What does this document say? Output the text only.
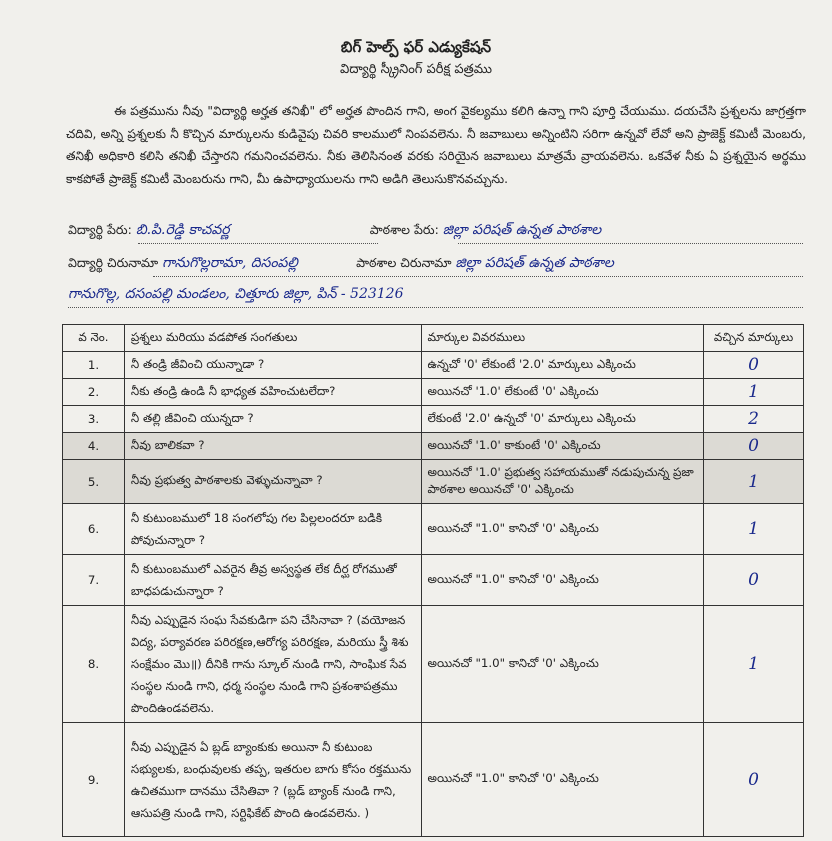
బిగ్ హెల్ప్ ఫర్ ఎడ్యుకేషన్
విద్యార్థి స్క్రీనింగ్ పరీక్ష పత్రము

ఈ పత్రమును నీవు "విద్యార్థి అర్హత తనిఖీ" లో అర్హత పొందిన గాని, అంగ వైకల్యము కలిగి ఉన్నా గాని పూర్తి చేయుము. దయచేసి ప్రశ్నలను జాగ్రత్తగా చదివి, అన్ని ప్రశ్నలకు నీ కొచ్చిన మార్కులను కుడివైపు చివరి కాలములో నింపవలెను. నీ జవాబులు అన్నింటిని సరిగా ఉన్నవో లేవో అని ప్రాజెక్ట్ కమిటీ మెంబరు, తనిఖీ అధికారి కలిసి తనిఖీ చేస్తారని గమనించవలెను. నీకు తెలిసినంత వరకు సరియైన జవాబులు మాత్రమే వ్రాయవలెను. ఒకవేళ నీకు ఏ ప్రశ్నయైన అర్థము కాకపోతే ప్రాజెక్ట్ కమిటీ మెంబరును గాని, మీ ఉపాధ్యాయులను గాని అడిగి తెలుసుకొనవచ్చును.

విద్యార్థి పేరు: బి.పి.రెడ్డి కాచవర్ణ	పాఠశాల పేరు: జిల్లా పరిషత్ ఉన్నత పాఠశాల
విద్యార్థి చిరునామా గానుగొల్లరామా, దిసంపల్లి	పాఠశాల చిరునామా జిల్లా పరిషత్ ఉన్నత పాఠశాల
గానుగొల్ల, దసంపల్లి మండలం, చిత్తూరు జిల్లా, పిన్ - 523126
వ నెం.	ప్రశ్నలు మరియు వడపోత సంగతులు	మార్కుల వివరములు	వచ్చిన మార్కులు
1.	నీ తండ్రి జీవించి యున్నాడా ?	ఉన్నచో '0' లేకుంటే '2.0' మార్కులు ఎక్కించు	0
2.	నీకు తండ్రి ఉండి నీ భాధ్యత వహించుటలేదా?	అయినచో '1.0' లేకుంటే '0' ఎక్కించు	1
3.	నీ తల్లి జీవించి యున్నదా ?	లేకుంటే '2.0' ఉన్నచో '0' మార్కులు ఎక్కించు	2
4.	నీవు బాలికవా ?	అయినచో '1.0' కాకుంటే '0' ఎక్కించు	0
5.	నీవు ప్రభుత్వ పాఠశాలకు వెళ్ళుచున్నావా ?	అయినచో '1.0' ప్రభుత్వ సహాయముతో నడుపుచున్న ప్రజా పాఠశాల అయినచో '0' ఎక్కించు	1
6.	నీ కుటుంబములో 18 సంగలోపు గల పిల్లలందరూ బడికి పోవుచున్నారా ?	అయినచో "1.0" కానిచో '0' ఎక్కించు	1
7.	నీ కుటుంబములో ఎవరైన తీవ్ర అస్వస్థత లేక దీర్ఘ రోగముతో బాధపడుచున్నారా ?	అయినచో "1.0" కానిచో '0' ఎక్కించు	0
8.	నీవు ఎప్పుడైన సంఘ సేవకుడిగా పని చేసినావా ? (వయోజన విద్య, పర్యావరణ పరిరక్షణ,ఆరోగ్య పరిరక్షణ, మరియు స్త్రీ శిశు సంక్షేమం మొ॥) దీనికి గాను స్కూల్ నుండి గాని, సాంఘిక సేవ సంస్థల నుండి గాని, ధర్మ సంస్థల నుండి గాని ప్రశంశాపత్రము పొందిఉండవలెను.	అయినచో "1.0" కానిచో '0' ఎక్కించు	1
9.	నీవు ఎప్పుడైన ఏ బ్లడ్ బ్యాంకుకు అయినా నీ కుటుంబ సభ్యులకు, బంధువులకు తప్ప, ఇతరుల బాగు కోసం రక్తమును ఉచితముగా దానము చేసితివా ? (బ్లడ్ బ్యాంక్ నుండి గాని, ఆసుపత్రి నుండి గాని, సర్టిఫికేట్ పొంది ఉండవలెను. )	అయినచో "1.0" కానిచో '0' ఎక్కించు	0
